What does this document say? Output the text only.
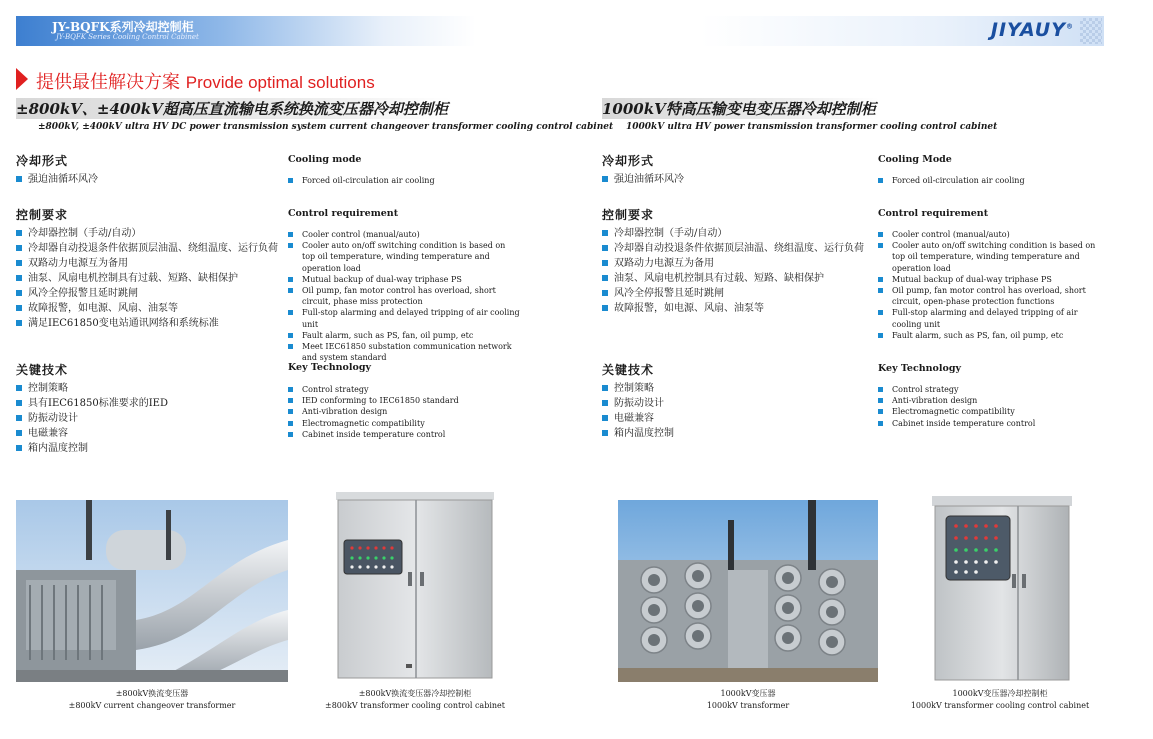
JY-BQFK系列冷却控制柜
JY-BQFK Series Cooling Control Cabinet	JIYAUY®
提供最佳解决方案 Provide optimal solutions
±800kV、±400kV超高压直流输电系统换流变压器冷却控制柜
±800kV, ±400kV ultra HV DC power transmission system current changeover transformer cooling control cabinet
冷却形式	Cooling mode
强迫油循环风冷	Forced oil-circulation air cooling
控制要求	Control requirement
冷却器控制（手动/自动）
冷却器自动投退条件依据顶层油温、绕组温度、运行负荷
双路动力电源互为备用
油泵、风扇电机控制具有过载、短路、缺相保护
风冷全停报警且延时跳闸
故障报警，如电源、风扇、油泵等
满足IEC61850变电站通讯网络和系统标准
Cooler control (manual/auto)
Cooler auto on/off switching condition is based on top oil temperature, winding temperature and operation load
Mutual backup of dual-way triphase PS
Oil pump, fan motor control has overload, short circuit, phase miss protection
Full-stop alarming and delayed tripping of air cooling unit
Fault alarm, such as PS, fan, oil pump, etc
Meet IEC61850 substation communication network and system standard
关键技术	Key Technology
控制策略
具有IEC61850标准要求的IED
防振动设计
电磁兼容
箱内温度控制
Control strategy
IED conforming to IEC61850 standard
Anti-vibration design
Electromagnetic compatibility
Cabinet inside temperature control
1000kV特高压输变电变压器冷却控制柜
1000kV ultra HV power transmission transformer cooling control cabinet
冷却形式	Cooling Mode
强迫油循环风冷	Forced oil-circulation air cooling
控制要求	Control requirement
冷却器控制（手动/自动）
冷却器自动投退条件依据顶层油温、绕组温度、运行负荷
双路动力电源互为备用
油泵、风扇电机控制具有过载、短路、缺相保护
风冷全停报警且延时跳闸
故障报警，如电源、风扇、油泵等
Cooler control (manual/auto)
Cooler auto on/off switching condition is based on top oil temperature, winding temperature and operation load
Mutual backup of dual-way triphase PS
Oil pump, fan motor control has overload, short circuit, open-phase protection functions
Full-stop alarming and delayed tripping of air cooling unit
Fault alarm, such as PS, fan, oil pump, etc
关键技术	Key Technology
控制策略
防振动设计
电磁兼容
箱内温度控制
Control strategy
Anti-vibration design
Electromagnetic compatibility
Cabinet inside temperature control
±800kV换流变压器
±800kV current changeover transformer
±800kV换流变压器冷却控制柜
±800kV transformer cooling control cabinet
1000kV变压器
1000kV transformer
1000kV变压器冷却控制柜
1000kV transformer cooling control cabinet
